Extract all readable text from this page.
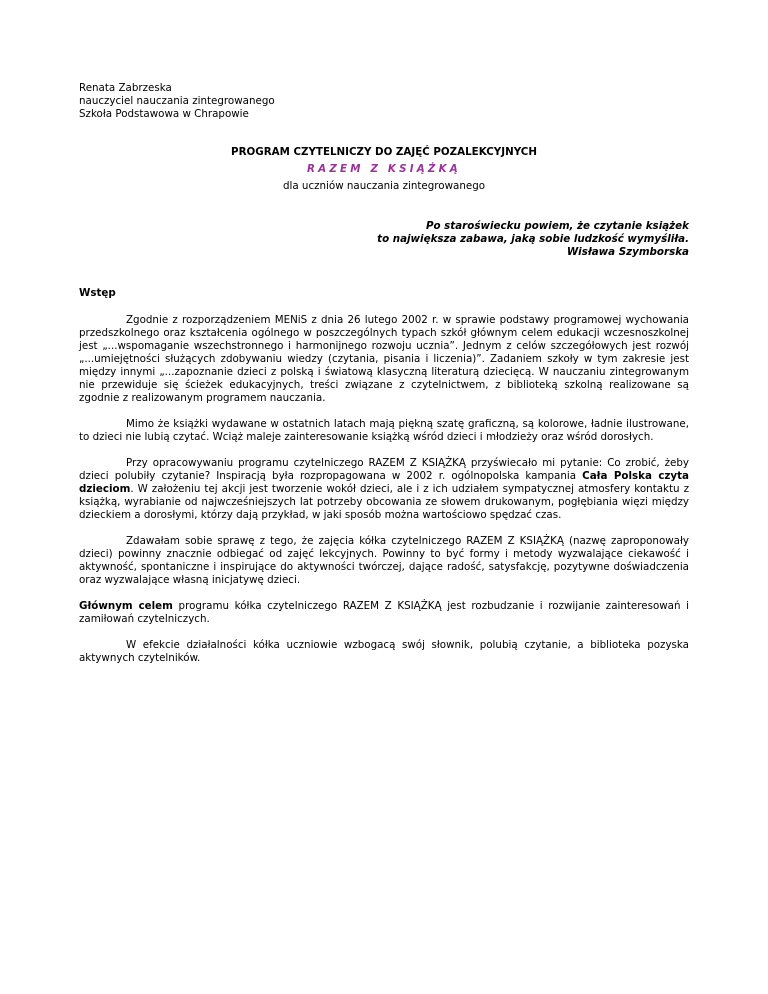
Renata Zabrzeska
nauczyciel nauczania zintegrowanego
Szkoła Podstawowa w Chrapowie
PROGRAM CZYTELNICZY DO ZAJĘĆ POZALEKCYJNYCH
RAZEM Z KSIĄŻKĄ
dla uczniów nauczania zintegrowanego
Po staroświecku powiem, że czytanie książek
to największa zabawa, jaką sobie ludzkość wymyśliła.
Wisława Szymborska
Wstęp

Zgodnie z rozporządzeniem MENiS z dnia 26 lutego 2002 r. w sprawie podstawy programowej wychowania przedszkolnego oraz kształcenia ogólnego w poszczególnych typach szkół głównym celem edukacji wczesnoszkolnej jest „...wspomaganie wszechstronnego i harmonijnego rozwoju ucznia”. Jednym z celów szczegółowych jest rozwój „...umiejętności służących zdobywaniu wiedzy (czytania, pisania i liczenia)”. Zadaniem szkoły w tym zakresie jest między innymi „...zapoznanie dzieci z polską i światową klasyczną literaturą dziecięcą. W nauczaniu zintegrowanym nie przewiduje się ścieżek edukacyjnych, treści związane z czytelnictwem, z biblioteką szkolną realizowane są zgodnie z realizowanym programem nauczania.

Mimo że książki wydawane w ostatnich latach mają piękną szatę graficzną, są kolorowe, ładnie ilustrowane, to dzieci nie lubią czytać. Wciąż maleje zainteresowanie książką wśród dzieci i młodzieży oraz wśród dorosłych.

Przy opracowywaniu programu czytelniczego RAZEM Z KSIĄŻKĄ przyświecało mi pytanie: Co zrobić, żeby dzieci polubiły czytanie? Inspiracją była rozpropagowana w 2002 r. ogólnopolska kampania Cała Polska czyta dzieciom. W założeniu tej akcji jest tworzenie wokół dzieci, ale i z ich udziałem sympatycznej atmosfery kontaktu z książką, wyrabianie od najwcześniejszych lat potrzeby obcowania ze słowem drukowanym, pogłębiania więzi między dzieckiem a dorosłymi, którzy dają przykład, w jaki sposób można wartościowo spędzać czas.

Zdawałam sobie sprawę z tego, że zajęcia kółka czytelniczego RAZEM Z KSIĄŻKĄ (nazwę zaproponowały dzieci) powinny znacznie odbiegać od zajęć lekcyjnych. Powinny to być formy i metody wyzwalające ciekawość i aktywność, spontaniczne i inspirujące do aktywności twórczej, dające radość, satysfakcję, pozytywne doświadczenia oraz wyzwalające własną inicjatywę dzieci.

Głównym celem programu kółka czytelniczego RAZEM Z KSIĄŻKĄ jest rozbudzanie i rozwijanie zainteresowań i zamiłowań czytelniczych.

W efekcie działalności kółka uczniowie wzbogacą swój słownik, polubią czytanie, a biblioteka pozyska aktywnych czytelników.
